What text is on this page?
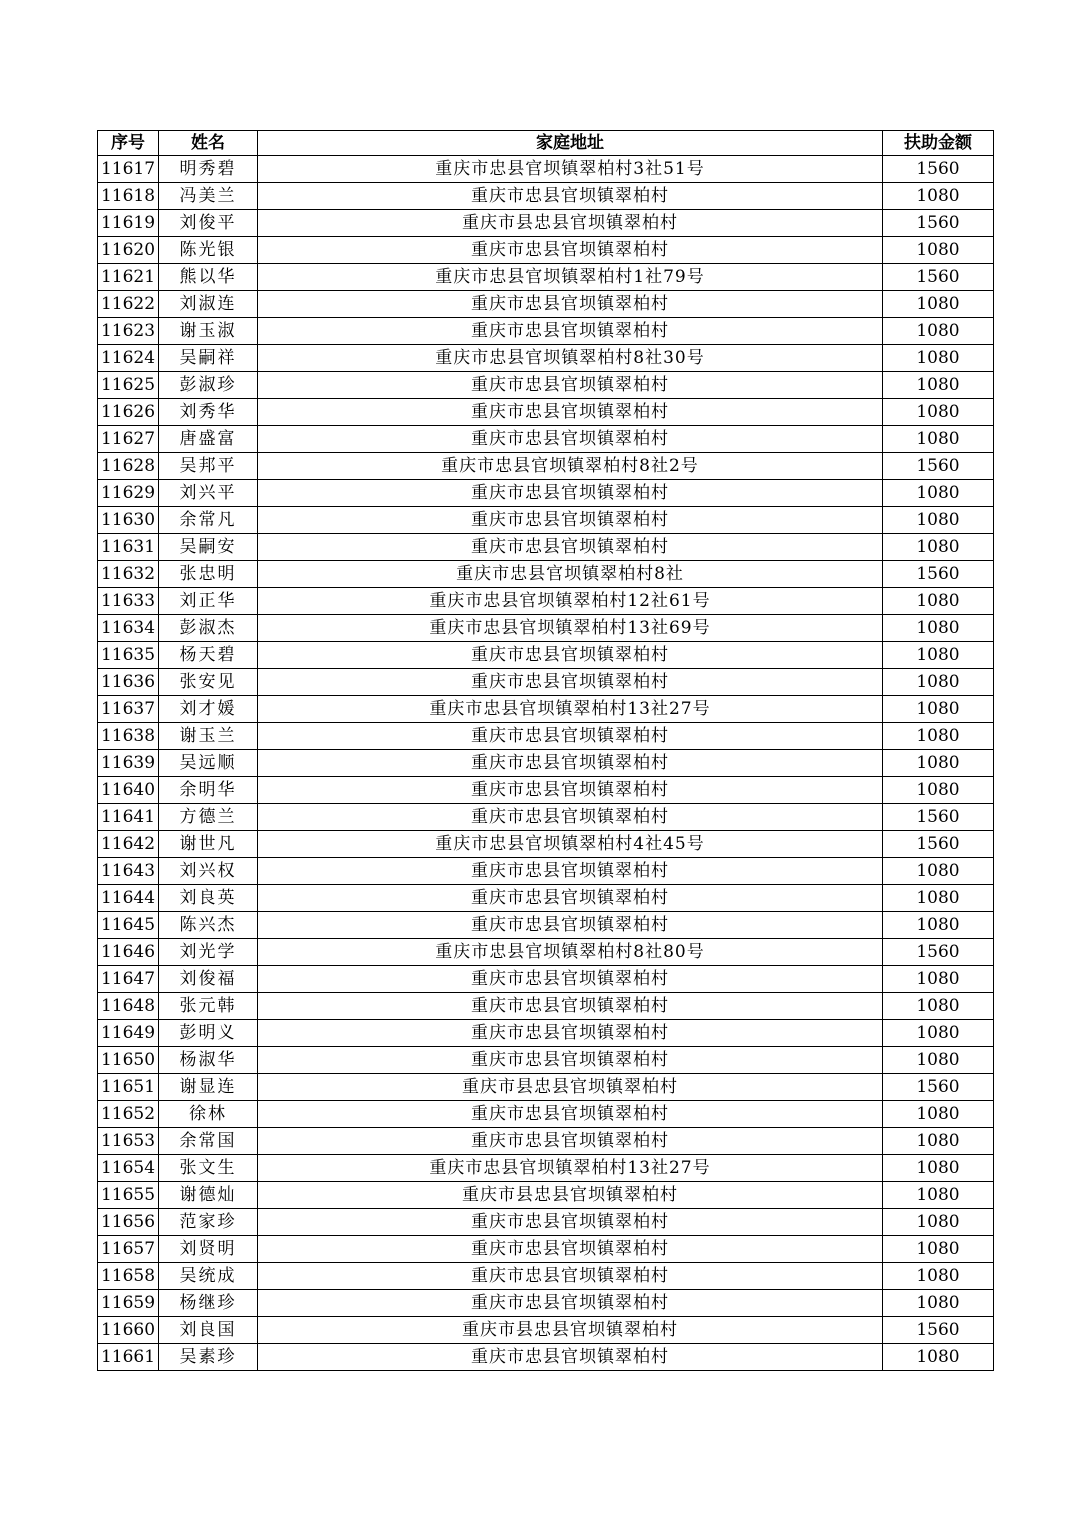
序号	姓名	家庭地址	扶助金额
11617	明秀碧	重庆市忠县官坝镇翠柏村3社51号	1560
11618	冯美兰	重庆市忠县官坝镇翠柏村	1080
11619	刘俊平	重庆市县忠县官坝镇翠柏村	1560
11620	陈光银	重庆市忠县官坝镇翠柏村	1080
11621	熊以华	重庆市忠县官坝镇翠柏村1社79号	1560
11622	刘淑连	重庆市忠县官坝镇翠柏村	1080
11623	谢玉淑	重庆市忠县官坝镇翠柏村	1080
11624	吴嗣祥	重庆市忠县官坝镇翠柏村8社30号	1080
11625	彭淑珍	重庆市忠县官坝镇翠柏村	1080
11626	刘秀华	重庆市忠县官坝镇翠柏村	1080
11627	唐盛富	重庆市忠县官坝镇翠柏村	1080
11628	吴邦平	重庆市忠县官坝镇翠柏村8社2号	1560
11629	刘兴平	重庆市忠县官坝镇翠柏村	1080
11630	余常凡	重庆市忠县官坝镇翠柏村	1080
11631	吴嗣安	重庆市忠县官坝镇翠柏村	1080
11632	张忠明	重庆市忠县官坝镇翠柏村8社	1560
11633	刘正华	重庆市忠县官坝镇翠柏村12社61号	1080
11634	彭淑杰	重庆市忠县官坝镇翠柏村13社69号	1080
11635	杨天碧	重庆市忠县官坝镇翠柏村	1080
11636	张安见	重庆市忠县官坝镇翠柏村	1080
11637	刘才媛	重庆市忠县官坝镇翠柏村13社27号	1080
11638	谢玉兰	重庆市忠县官坝镇翠柏村	1080
11639	吴远顺	重庆市忠县官坝镇翠柏村	1080
11640	余明华	重庆市忠县官坝镇翠柏村	1080
11641	方德兰	重庆市忠县官坝镇翠柏村	1560
11642	谢世凡	重庆市忠县官坝镇翠柏村4社45号	1560
11643	刘兴权	重庆市忠县官坝镇翠柏村	1080
11644	刘良英	重庆市忠县官坝镇翠柏村	1080
11645	陈兴杰	重庆市忠县官坝镇翠柏村	1080
11646	刘光学	重庆市忠县官坝镇翠柏村8社80号	1560
11647	刘俊福	重庆市忠县官坝镇翠柏村	1080
11648	张元韩	重庆市忠县官坝镇翠柏村	1080
11649	彭明义	重庆市忠县官坝镇翠柏村	1080
11650	杨淑华	重庆市忠县官坝镇翠柏村	1080
11651	谢显连	重庆市县忠县官坝镇翠柏村	1560
11652	徐林	重庆市忠县官坝镇翠柏村	1080
11653	余常国	重庆市忠县官坝镇翠柏村	1080
11654	张文生	重庆市忠县官坝镇翠柏村13社27号	1080
11655	谢德灿	重庆市县忠县官坝镇翠柏村	1080
11656	范家珍	重庆市忠县官坝镇翠柏村	1080
11657	刘贤明	重庆市忠县官坝镇翠柏村	1080
11658	吴统成	重庆市忠县官坝镇翠柏村	1080
11659	杨继珍	重庆市忠县官坝镇翠柏村	1080
11660	刘良国	重庆市县忠县官坝镇翠柏村	1560
11661	吴素珍	重庆市忠县官坝镇翠柏村	1080
